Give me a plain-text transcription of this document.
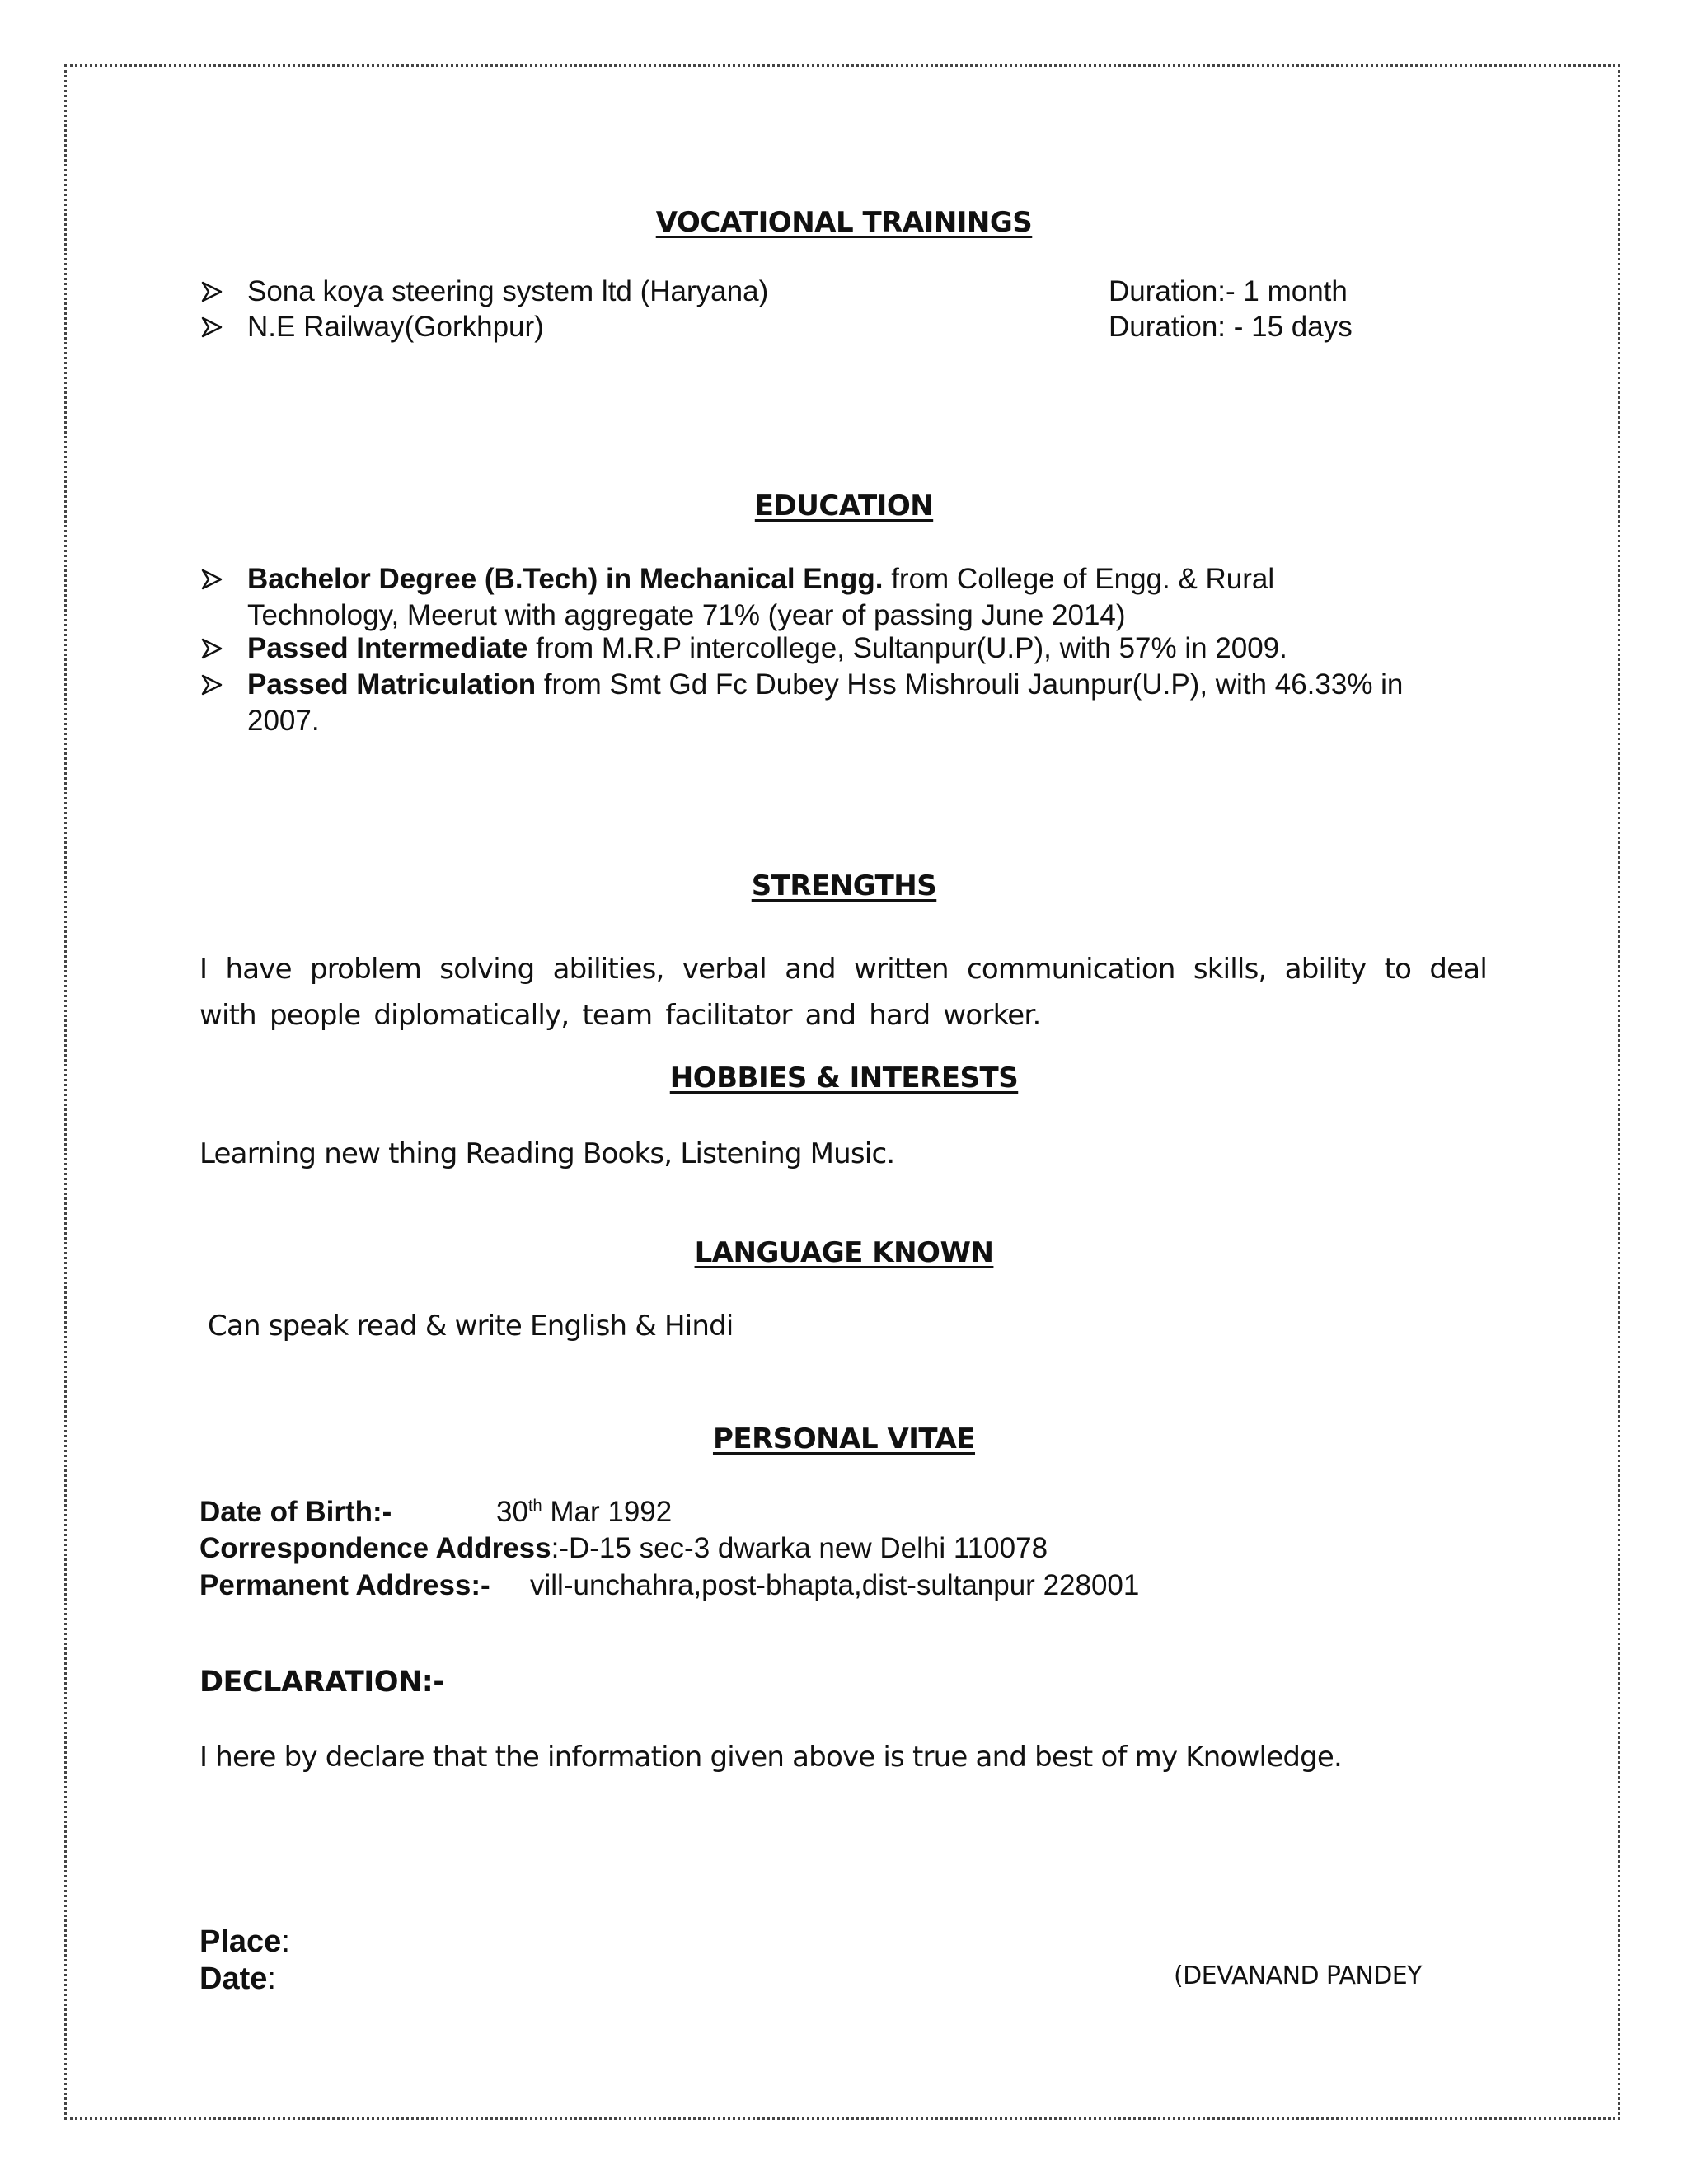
VOCATIONAL TRAININGS
Sona koya steering system ltd (Haryana)	Duration:- 1 month
N.E Railway(Gorkhpur)	Duration: - 15 days
EDUCATION
Bachelor Degree (B.Tech) in Mechanical Engg. from College of Engg. & Rural
Technology, Meerut with aggregate 71% (year of passing June 2014)
Passed Intermediate from M.R.P intercollege, Sultanpur(U.P), with 57% in 2009.
Passed Matriculation from Smt Gd Fc Dubey Hss Mishrouli Jaunpur(U.P), with 46.33% in
2007.
STRENGTHS
I have problem solving abilities, verbal and written communication skills, ability to deal with people diplomatically, team facilitator and hard worker.
HOBBIES & INTERESTS
Learning new thing Reading Books, Listening Music.
LANGUAGE KNOWN
Can speak read & write English & Hindi
PERSONAL VITAE
Date of Birth:-	30th Mar 1992
Correspondence Address:-D-15 sec-3 dwarka new Delhi 110078
Permanent Address:- vill-unchahra,post-bhapta,dist-sultanpur 228001
DECLARATION:-
I here by declare that the information given above is true and best of my Knowledge.
Place:
Date:	(DEVANAND PANDEY
